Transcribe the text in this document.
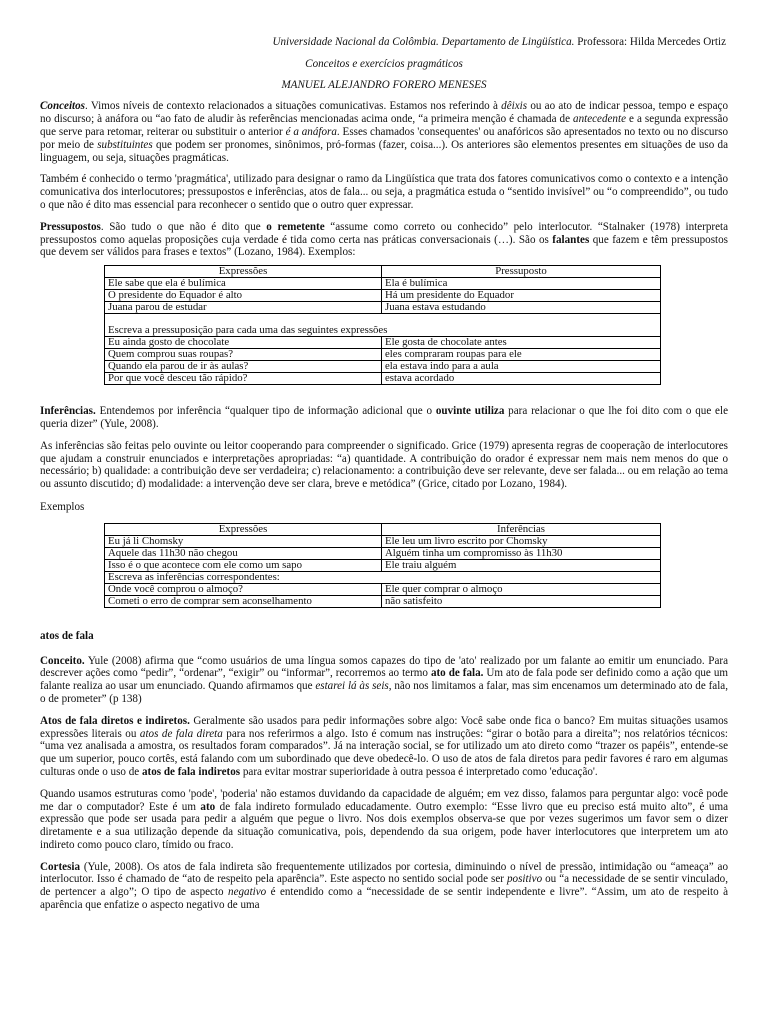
Universidade Nacional da Colômbia. Departamento de Lingüística. Professora: Hilda Mercedes Ortiz

Conceitos e exercícios pragmáticos

MANUEL ALEJANDRO FORERO MENESES

Conceitos. Vimos níveis de contexto relacionados a situações comunicativas. Estamos nos referindo à dêixis ou ao ato de indicar pessoa, tempo e espaço no discurso; à anáfora ou “ao fato de aludir às referências mencionadas acima onde, “a primeira menção é chamada de antecedente e a segunda expressão que serve para retomar, reiterar ou substituir o anterior é a anáfora. Esses chamados 'consequentes' ou anafóricos são apresentados no texto ou no discurso por meio de substituintes que podem ser pronomes, sinônimos, pró-formas (fazer, coisa...). Os anteriores são elementos presentes em situações de uso da linguagem, ou seja, situações pragmáticas.

Também é conhecido o termo 'pragmática', utilizado para designar o ramo da Lingüística que trata dos fatores comunicativos como o contexto e a intenção comunicativa dos interlocutores; pressupostos e inferências, atos de fala... ou seja, a pragmática estuda o “sentido invisível” ou “o compreendido”, ou tudo o que não é dito mas essencial para reconhecer o sentido que o outro quer expressar.

Pressupostos. São tudo o que não é dito que o remetente “assume como correto ou conhecido” pelo interlocutor. “Stalnaker (1978) interpreta pressupostos como aquelas proposições cuja verdade é tida como certa nas práticas conversacionais (…). São os falantes que fazem e têm pressupostos que devem ser válidos para frases e textos” (Lozano, 1984). Exemplos:

Expressões	Pressuposto
Ele sabe que ela é bulímica	Ela é bulímica
O presidente do Equador é alto	Há um presidente do Equador
Juana parou de estudar	Juana estava estudando
Escreva a pressuposição para cada uma das seguintes expressões	
Eu ainda gosto de chocolate	Ele gosta de chocolate antes
Quem comprou suas roupas?	eles compraram roupas para ele
Quando ela parou de ir às aulas?	ela estava indo para a aula
Por que você desceu tão rápido?	estava acordado

Inferências. Entendemos por inferência “qualquer tipo de informação adicional que o ouvinte utiliza para relacionar o que lhe foi dito com o que ele queria dizer” (Yule, 2008).

As inferências são feitas pelo ouvinte ou leitor cooperando para compreender o significado. Grice (1979) apresenta regras de cooperação de interlocutores que ajudam a construir enunciados e interpretações apropriadas: “a) quantidade. A contribuição do orador é expressar nem mais nem menos do que o necessário; b) qualidade: a contribuição deve ser verdadeira; c) relacionamento: a contribuição deve ser relevante, deve ser falada... ou em relação ao tema ou assunto discutido; d) modalidade: a intervenção deve ser clara, breve e metódica” (Grice, citado por Lozano, 1984).

Exemplos

Expressões	Inferências
Eu já li Chomsky	Ele leu um livro escrito por Chomsky
Aquele das 11h30 não chegou	Alguém tinha um compromisso às 11h30
Isso é o que acontece com ele como um sapo	Ele traiu alguém
Escreva as inferências correspondentes:	
Onde você comprou o almoço?	Ele quer comprar o almoço
Cometi o erro de comprar sem aconselhamento	não satisfeito

atos de fala

Conceito. Yule (2008) afirma que “como usuários de uma língua somos capazes do tipo de 'ato' realizado por um falante ao emitir um enunciado. Para descrever ações como “pedir”, “ordenar”, “exigir” ou “informar”, recorremos ao termo ato de fala. Um ato de fala pode ser definido como a ação que um falante realiza ao usar um enunciado. Quando afirmamos que estarei lá às seis, não nos limitamos a falar, mas sim encenamos um determinado ato de fala, o de prometer” (p 138)

Atos de fala diretos e indiretos. Geralmente são usados para pedir informações sobre algo: Você sabe onde fica o banco? Em muitas situações usamos expressões literais ou atos de fala direta para nos referirmos a algo. Isto é comum nas instruções: “girar o botão para a direita”; nos relatórios técnicos: “uma vez analisada a amostra, os resultados foram comparados”. Já na interação social, se for utilizado um ato direto como “trazer os papéis”, entende-se que um superior, pouco cortês, está falando com um subordinado que deve obedecê-lo. O uso de atos de fala diretos para pedir favores é raro em algumas culturas onde o uso de atos de fala indiretos para evitar mostrar superioridade à outra pessoa é interpretado como 'educação'.

Quando usamos estruturas como 'pode', 'poderia' não estamos duvidando da capacidade de alguém; em vez disso, falamos para perguntar algo: você pode me dar o computador? Este é um ato de fala indireto formulado educadamente. Outro exemplo: “Esse livro que eu preciso está muito alto”, é uma expressão que pode ser usada para pedir a alguém que pegue o livro. Nos dois exemplos observa-se que por vezes sugerimos um favor sem o dizer diretamente e a sua utilização depende da situação comunicativa, pois, dependendo da sua origem, pode haver interlocutores que interpretem um ato indireto como pouco claro, tímido ou fraco.

Cortesia (Yule, 2008). Os atos de fala indireta são frequentemente utilizados por cortesia, diminuindo o nível de pressão, intimidação ou “ameaça” ao interlocutor. Isso é chamado de “ato de respeito pela aparência”. Este aspecto no sentido social pode ser positivo ou “a necessidade de se sentir vinculado, de pertencer a algo”; O tipo de aspecto negativo é entendido como a “necessidade de se sentir independente e livre”. “Assim, um ato de respeito à aparência que enfatize o aspecto negativo de uma
